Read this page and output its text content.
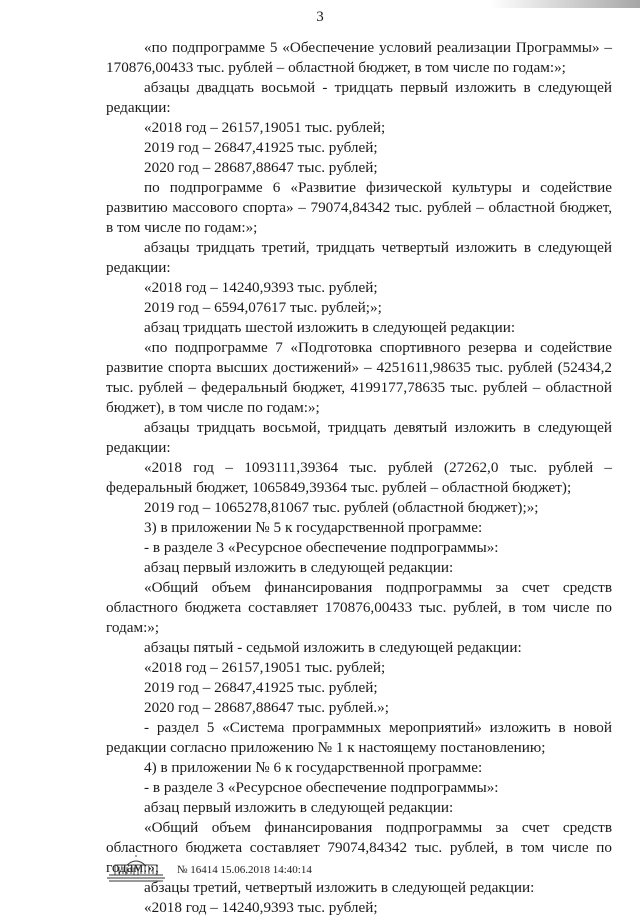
3

«по подпрограмме 5 «Обеспечение условий реализации Программы» – 170876,00433 тыс. рублей – областной бюджет, в том числе по годам:»;

абзацы двадцать восьмой - тридцать первый изложить в следующей редакции:

«2018 год – 26157,19051 тыс. рублей;

2019 год – 26847,41925 тыс. рублей;

2020 год – 28687,88647 тыс. рублей;

по подпрограмме 6 «Развитие физической культуры и содействие развитию массового спорта» – 79074,84342 тыс. рублей – областной бюджет, в том числе по годам:»;

абзацы тридцать третий, тридцать четвертый изложить в следующей редакции:

«2018 год – 14240,9393 тыс. рублей;

2019 год – 6594,07617 тыс. рублей;»;

абзац тридцать шестой изложить в следующей редакции:

«по подпрограмме 7 «Подготовка спортивного резерва и содействие развитие спорта высших достижений» – 4251611,98635 тыс. рублей (52434,2 тыс. рублей – федеральный бюджет, 4199177,78635 тыс. рублей – областной бюджет), в том числе по годам:»;

абзацы тридцать восьмой, тридцать девятый изложить в следующей редакции:

«2018 год – 1093111,39364 тыс. рублей (27262,0 тыс. рублей – федеральный бюджет, 1065849,39364 тыс. рублей – областной бюджет);

2019 год – 1065278,81067 тыс. рублей (областной бюджет);»;

3) в приложении № 5 к государственной программе:

- в разделе 3 «Ресурсное обеспечение подпрограммы»:

абзац первый изложить в следующей редакции:

«Общий объем финансирования подпрограммы за счет средств областного бюджета составляет 170876,00433 тыс. рублей, в том числе по годам:»;

абзацы пятый - седьмой изложить в следующей редакции:

«2018 год – 26157,19051 тыс. рублей;

2019 год – 26847,41925 тыс. рублей;

2020 год – 28687,88647 тыс. рублей.»;

- раздел 5 «Система программных мероприятий» изложить в новой редакции согласно приложению № 1 к настоящему постановлению;

4) в приложении № 6 к государственной программе:

- в разделе 3 «Ресурсное обеспечение подпрограммы»:

абзац первый изложить в следующей редакции:

«Общий объем финансирования подпрограммы за счет средств областного бюджета составляет 79074,84342 тыс. рублей, в том числе по годам:»;

абзацы третий, четвертый изложить в следующей редакции:

«2018 год – 14240,9393 тыс. рублей;

№ 16414 15.06.2018 14:40:14
